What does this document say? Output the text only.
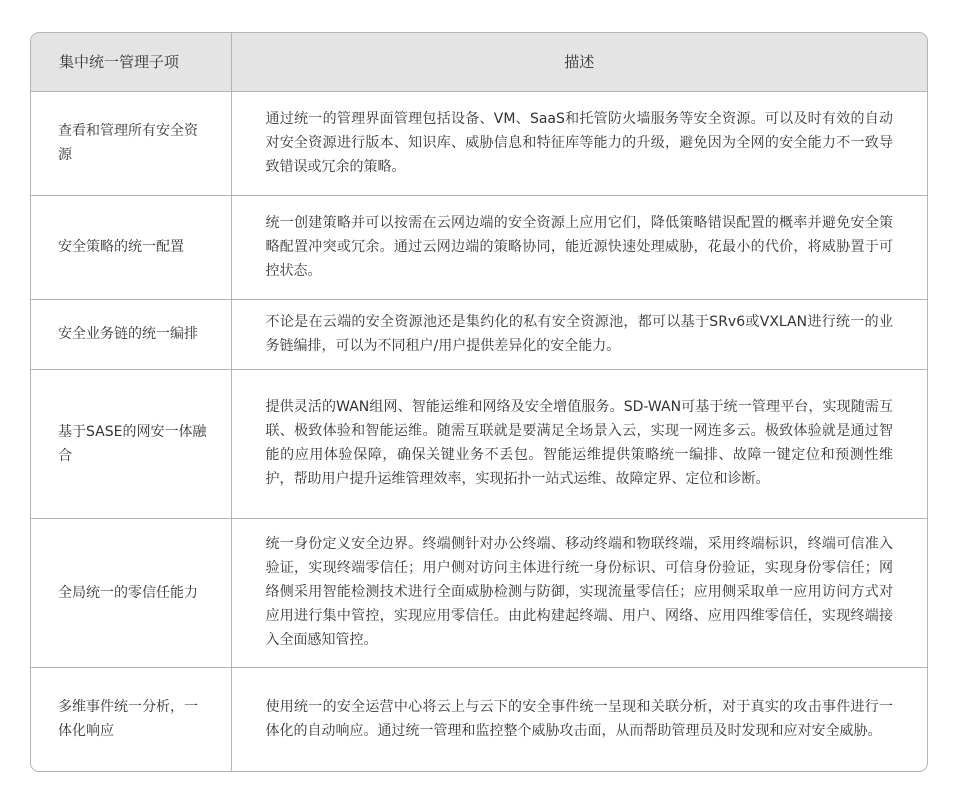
集中统一管理子项	描述
查看和管理所有安全资源	通过统一的管理界面管理包括设备、VM、SaaS和托管防火墙服务等安全资源。可以及时有效的自动对安全资源进行版本、知识库、威胁信息和特征库等能力的升级，避免因为全网的安全能力不一致导致错误或冗余的策略。
安全策略的统一配置	统一创建策略并可以按需在云网边端的安全资源上应用它们，降低策略错误配置的概率并避免安全策略配置冲突或冗余。通过云网边端的策略协同，能近源快速处理威胁，花最小的代价，将威胁置于可控状态。
安全业务链的统一编排	不论是在云端的安全资源池还是集约化的私有安全资源池，都可以基于SRv6或VXLAN进行统一的业务链编排，可以为不同租户/用户提供差异化的安全能力。
基于SASE的网安一体融合	提供灵活的WAN组网、智能运维和网络及安全增值服务。SD-WAN可基于统一管理平台，实现随需互联、极致体验和智能运维。随需互联就是要满足全场景入云，实现一网连多云。极致体验就是通过智能的应用体验保障，确保关键业务不丢包。智能运维提供策略统一编排、故障一键定位和预测性维护，帮助用户提升运维管理效率，实现拓扑一站式运维、故障定界、定位和诊断。
全局统一的零信任能力	统一身份定义安全边界。终端侧针对办公终端、移动终端和物联终端，采用终端标识，终端可信准入验证，实现终端零信任；用户侧对访问主体进行统一身份标识、可信身份验证，实现身份零信任；网络侧采用智能检测技术进行全面威胁检测与防御，实现流量零信任；应用侧采取单一应用访问方式对应用进行集中管控，实现应用零信任。由此构建起终端、用户、网络、应用四维零信任，实现终端接入全面感知管控。
多维事件统一分析，一体化响应	使用统一的安全运营中心将云上与云下的安全事件统一呈现和关联分析，对于真实的攻击事件进行一体化的自动响应。通过统一管理和监控整个威胁攻击面，从而帮助管理员及时发现和应对安全威胁。
